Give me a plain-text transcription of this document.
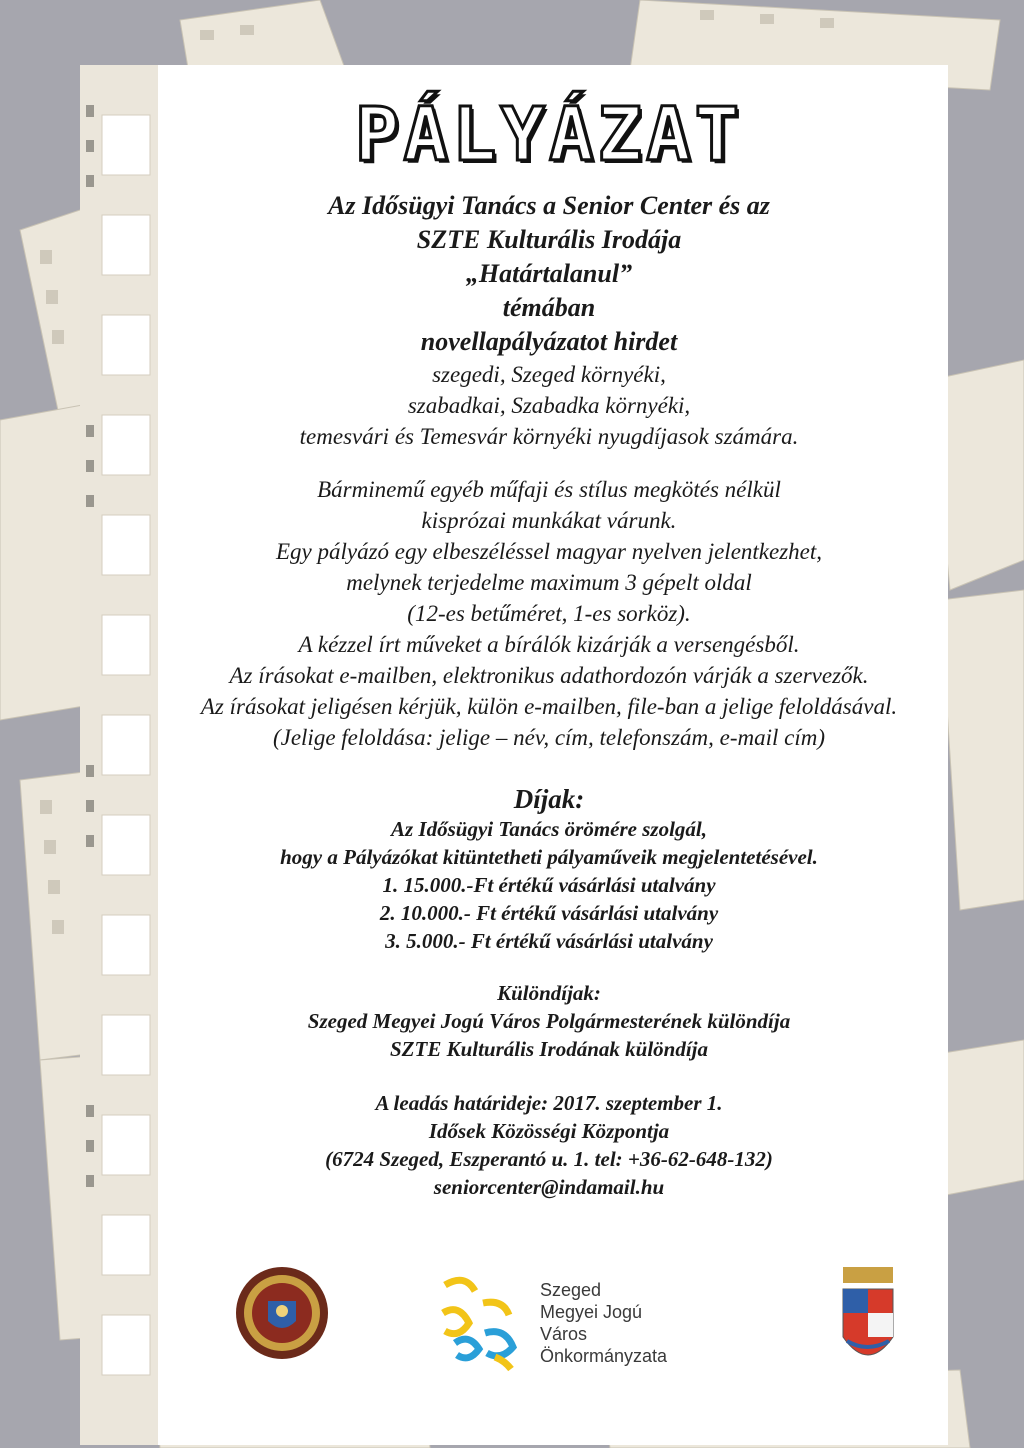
PÁLYÁZAT
Az Idősügyi Tanács a Senior Center és az
SZTE Kulturális Irodája
„Határtalanul”
témában
novellapályázatot hirdet
szegedi, Szeged környéki,
szabadkai, Szabadka környéki,
temesvári és Temesvár környéki nyugdíjasok számára.
Bárminemű egyéb műfaji és stílus megkötés nélkül
kisprózai munkákat várunk.
Egy pályázó egy elbeszéléssel magyar nyelven jelentkezhet,
melynek terjedelme maximum 3 gépelt oldal
(12-es betűméret, 1-es sorköz).
A kézzel írt műveket a bírálók kizárják a versengésből.
Az írásokat e-mailben, elektronikus adathordozón várják a szervezők.
Az írásokat jeligésen kérjük, külön e-mailben, file-ban a jelige feloldásával.
(Jelige feloldása: jelige – név, cím, telefonszám, e-mail cím)
Díjak:
Az Idősügyi Tanács örömére szolgál,
hogy a Pályázókat kitüntetheti pályaműveik megjelentetésével.
1. 15.000.-Ft értékű vásárlási utalvány
2. 10.000.- Ft értékű vásárlási utalvány
3. 5.000.- Ft értékű vásárlási utalvány
Különdíjak:
Szeged Megyei Jogú Város Polgármesterének különdíja
SZTE Kulturális Irodának különdíja
A leadás határideje: 2017. szeptember 1.
Idősek Közösségi Központja
(6724 Szeged, Eszperantó u. 1. tel: +36-62-648-132)
seniorcenter@indamail.hu
Szeged
Megyei Jogú
Város
Önkormányzata
